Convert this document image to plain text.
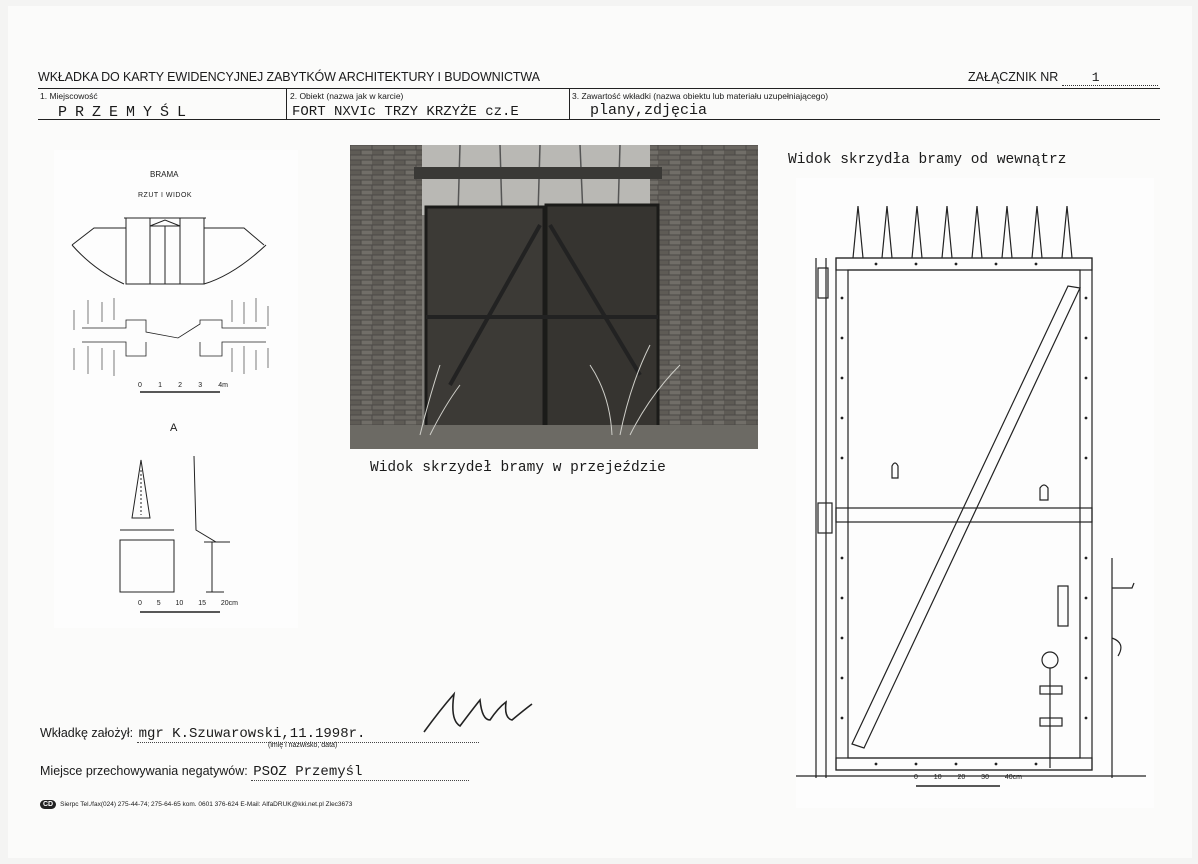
WKŁADKA DO KARTY EWIDENCYJNEJ ZABYTKÓW ARCHITEKTURY I BUDOWNICTWA	ZAŁĄCZNIK NR	1
1. Miejscowość	2. Obiekt (nazwa jak w karcie)	3. Zawartość wkładki (nazwa obiektu lub materiału uzupełniającego)
PRZEMYŚL	FORT NXVIc TRZY KRZYŻE cz.E	plany,zdjęcia
BRAMA
RZUT I WIDOK
0 1 2 3 4m
A
0 5 10 15 20cm
Widok skrzydeł bramy w przejeździe
Widok skrzydła bramy od wewnątrz
0 10 20 30 40cm
Wkładkę założył: mgr K.Szuwarowski,11.1998r.
(imię i nazwisko, data)
Miejsce przechowywania negatywów: PSOZ Przemyśl
CD	Sierpc Tel./fax(024) 275-44-74; 275-64-65 kom. 0601 376-624 E-Mail: AlfaDRUK@kki.net.pl Zlec3673
